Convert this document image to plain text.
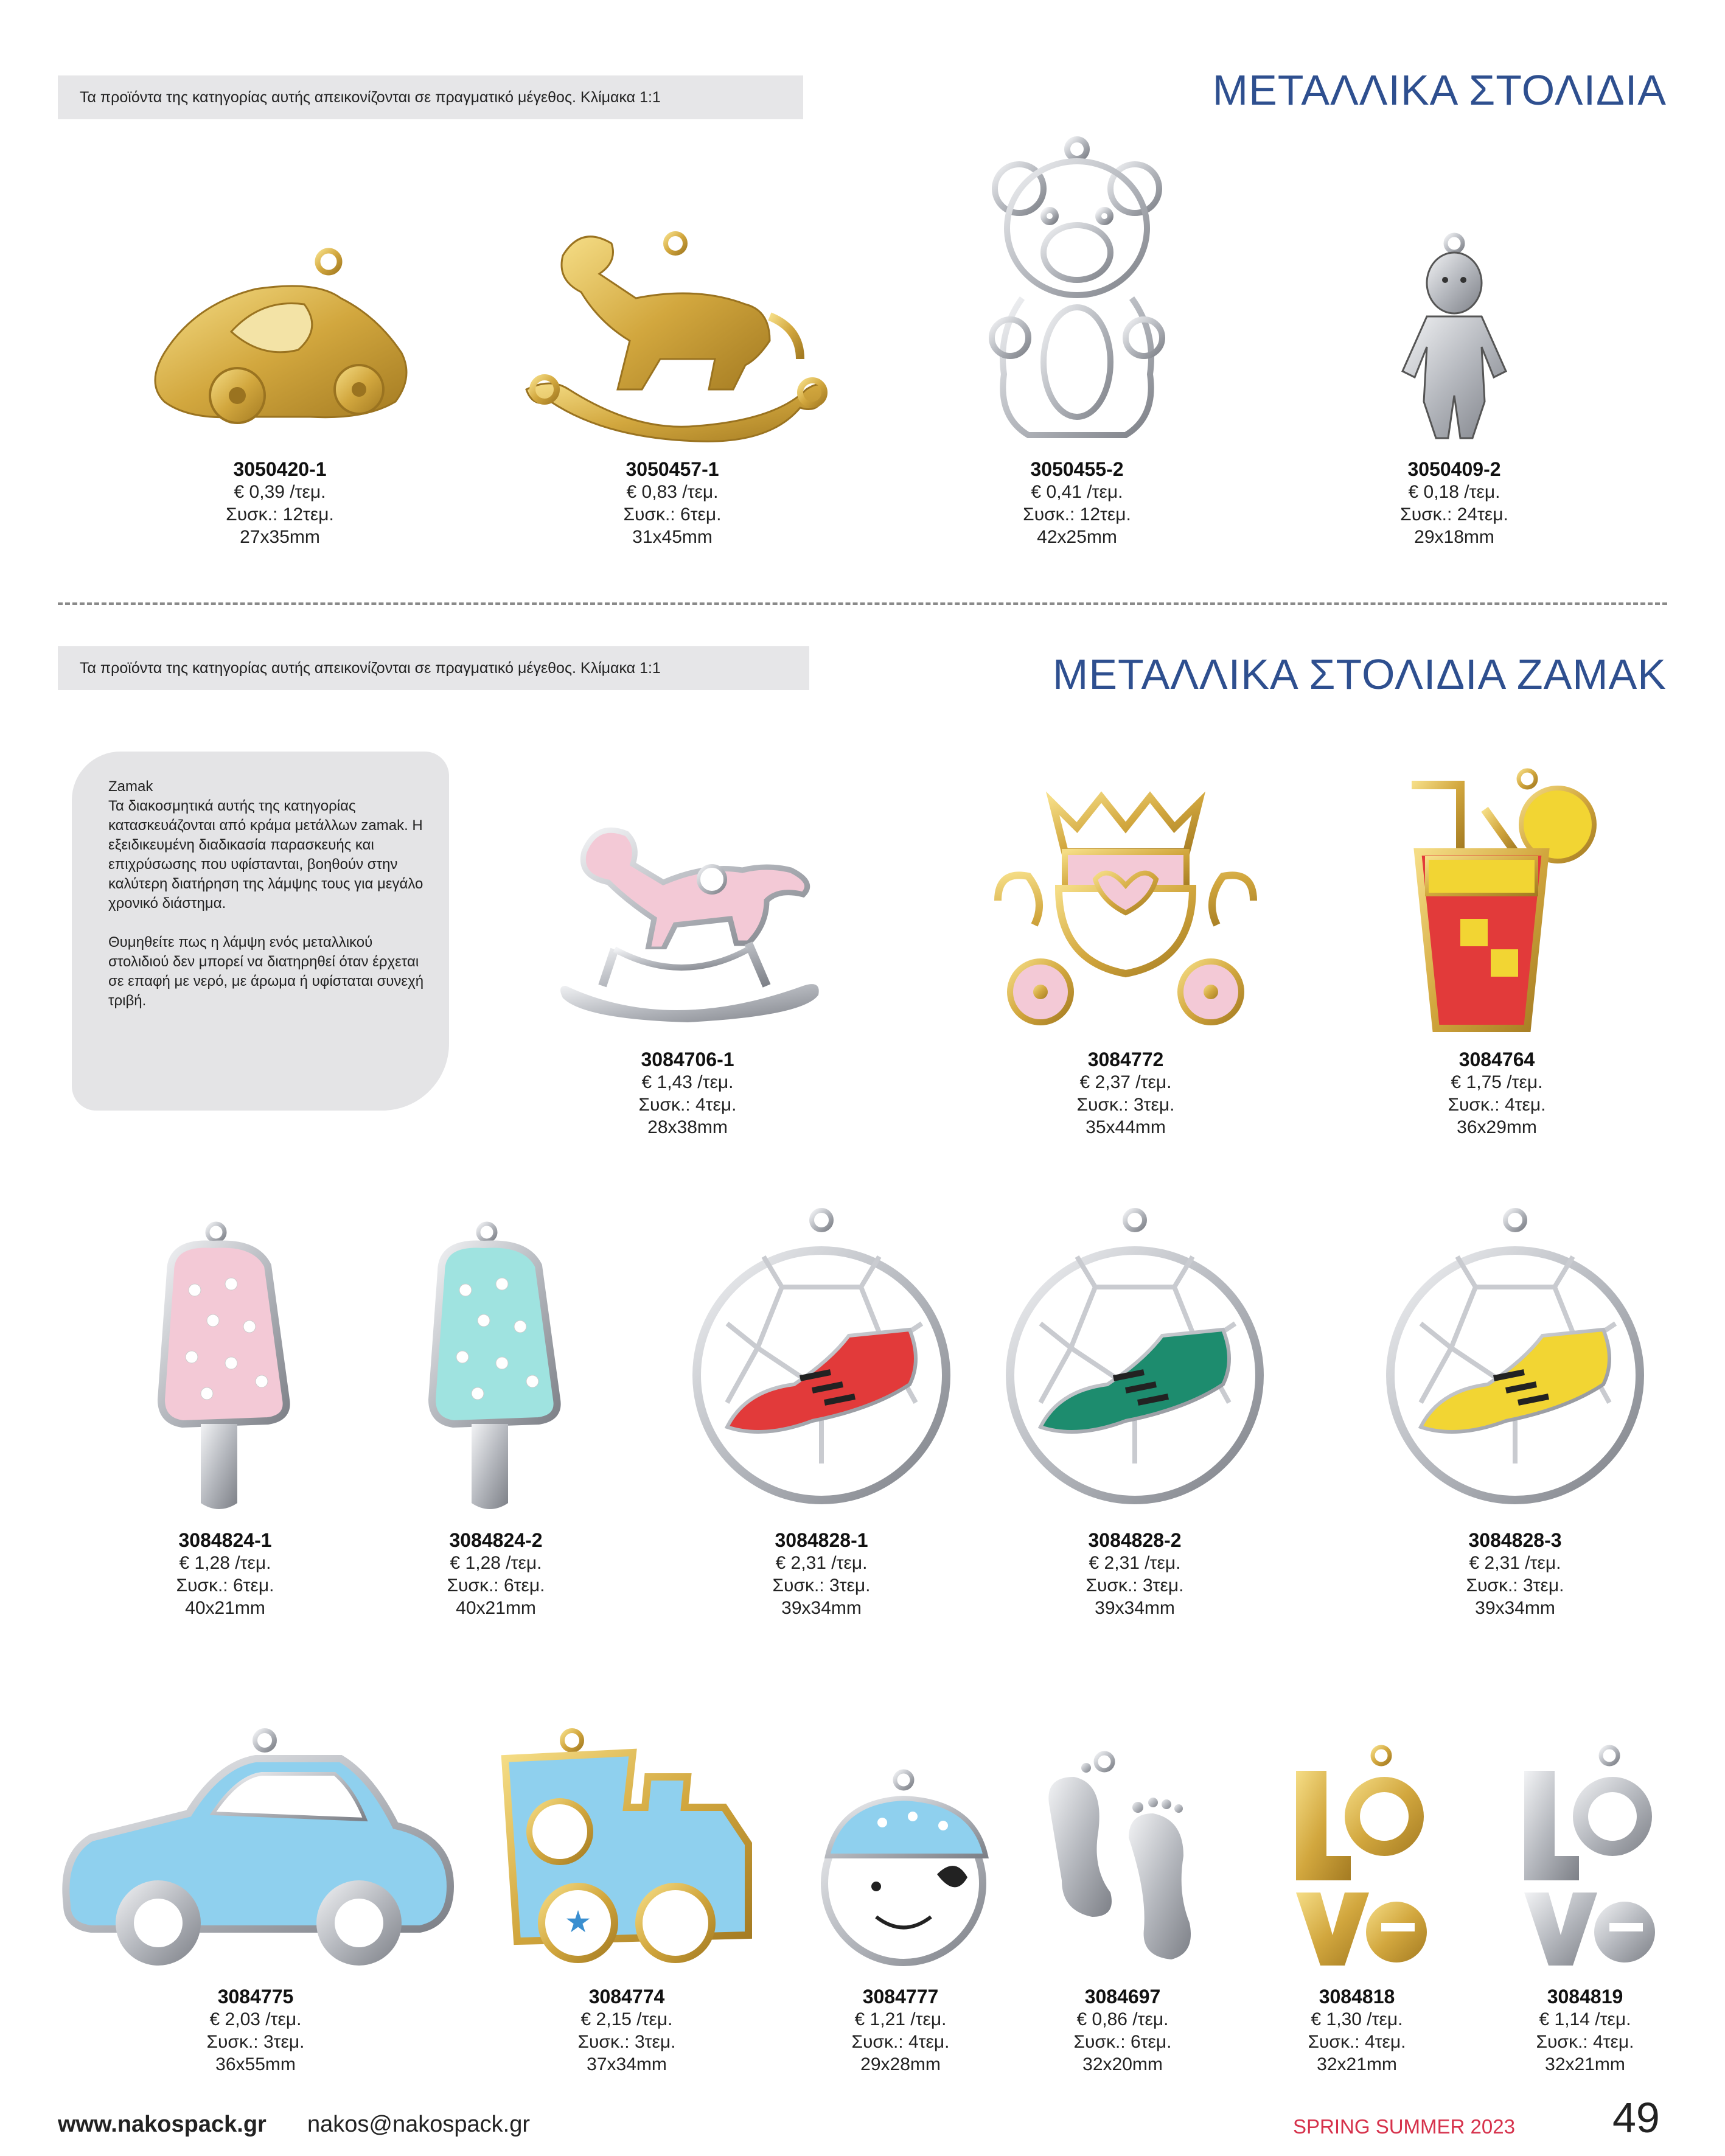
Τα προϊόντα της κατηγορίας αυτής απεικονίζονται σε πραγματικό μέγεθος. Κλίμακα 1:1	ΜΕΤΑΛΛΙΚΑ ΣΤΟΛΙΔΙΑ
3050420-1
€ 0,39 /τεμ.
Συσκ.: 12τεμ.
27x35mm
3050457-1
€ 0,83 /τεμ.
Συσκ.: 6τεμ.
31x45mm
3050455-2
€ 0,41 /τεμ.
Συσκ.: 12τεμ.
42x25mm
3050409-2
€ 0,18 /τεμ.
Συσκ.: 24τεμ.
29x18mm
Τα προϊόντα της κατηγορίας αυτής απεικονίζονται σε πραγματικό μέγεθος. Κλίμακα 1:1	ΜΕΤΑΛΛΙΚΑ ΣΤΟΛΙΔΙΑ ΖΑΜΑΚ

Zamak

Τα διακοσμητικά αυτής της κατηγορίας κατασκευάζονται από κράμα μετάλλων zamak. Η εξειδικευμένη διαδικασία παρασκευής και επιχρύσωσης που υφίστανται, βοηθούν στην καλύτερη διατήρηση της λάμψης τους για μεγάλο χρονικό διάστημα.

Θυμηθείτε πως η λάμψη ενός μεταλλικού στολιδιού δεν μπορεί να διατηρηθεί όταν έρχεται σε επαφή με νερό, με άρωμα ή υφίσταται συνεχή τριβή.

3084706-1
€ 1,43 /τεμ.
Συσκ.: 4τεμ.
28x38mm
3084772
€ 2,37 /τεμ.
Συσκ.: 3τεμ.
35x44mm
3084764
€ 1,75 /τεμ.
Συσκ.: 4τεμ.
36x29mm
3084824-1
€ 1,28 /τεμ.
Συσκ.: 6τεμ.
40x21mm
3084824-2
€ 1,28 /τεμ.
Συσκ.: 6τεμ.
40x21mm
3084828-1
€ 2,31 /τεμ.
Συσκ.: 3τεμ.
39x34mm
3084828-2
€ 2,31 /τεμ.
Συσκ.: 3τεμ.
39x34mm
3084828-3
€ 2,31 /τεμ.
Συσκ.: 3τεμ.
39x34mm
3084775
€ 2,03 /τεμ.
Συσκ.: 3τεμ.
36x55mm
★
3084774
€ 2,15 /τεμ.
Συσκ.: 3τεμ.
37x34mm
3084777
€ 1,21 /τεμ.
Συσκ.: 4τεμ.
29x28mm
3084697
€ 0,86 /τεμ.
Συσκ.: 6τεμ.
32x20mm
3084818
€ 1,30 /τεμ.
Συσκ.: 4τεμ.
32x21mm
3084819
€ 1,14 /τεμ.
Συσκ.: 4τεμ.
32x21mm
www.nakospack.gr nakos@nakospack.gr	SPRING SUMMER 2023 49
